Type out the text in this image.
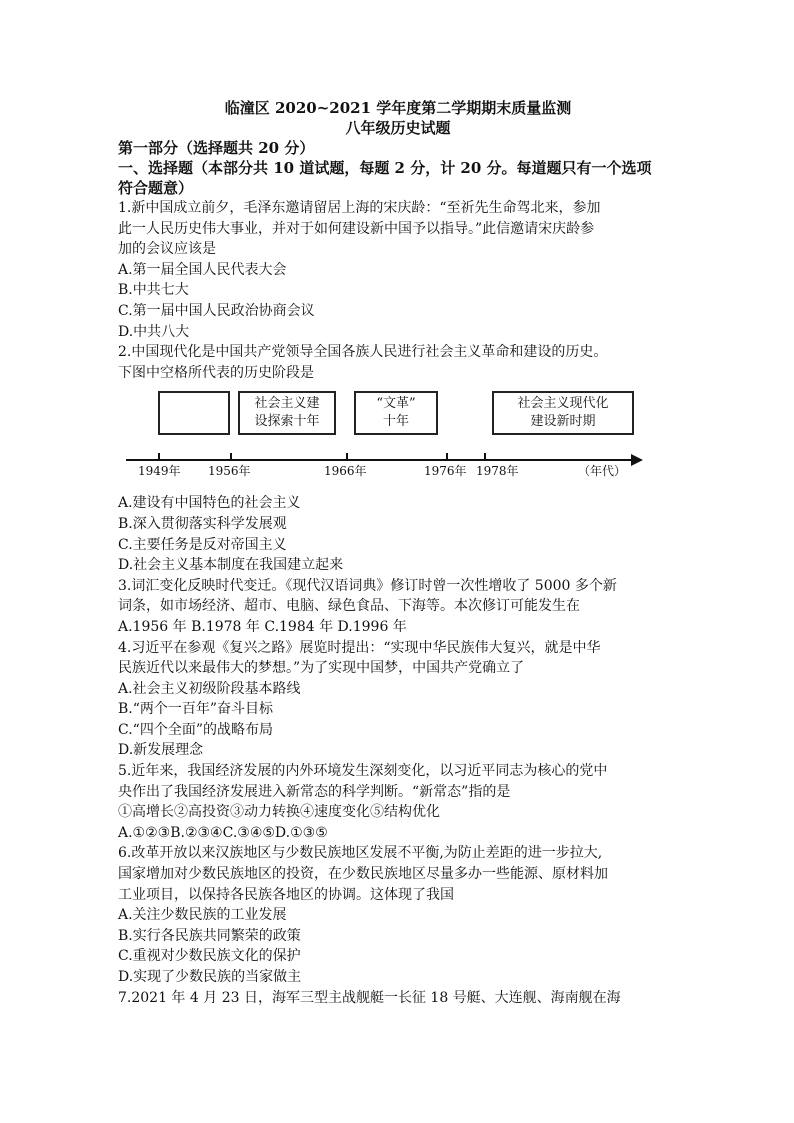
临潼区 2020~2021 学年度第二学期期末质量监测
八年级历史试题
第一部分（选择题共 20 分）
一、选择题（本部分共 10 道试题，每题 2 分，计 20 分。每道题只有一个选项
符合题意）
1.新中国成立前夕，毛泽东邀请留居上海的宋庆龄：“至祈先生命驾北来，参加
此一人民历史伟大事业，并对于如何建设新中国予以指导。”此信邀请宋庆龄参
加的会议应该是
A.第一届全国人民代表大会
B.中共七大
C.第一届中国人民政治协商会议
D.中共八大
2.中国现代化是中国共产党领导全国各族人民进行社会主义革命和建设的历史。
下图中空格所代表的历史阶段是
社会主义建
设探索十年
“文革”
十年
社会主义现代化
建设新时期
1949年 1956年	1966年	1976年 1978年	（年代）
A.建设有中国特色的社会主义
B.深入贯彻落实科学发展观
C.主要任务是反对帝国主义
D.社会主义基本制度在我国建立起来
3.词汇变化反映时代变迁。《现代汉语词典》修订时曾一次性增收了 5000 多个新
词条，如市场经济、超市、电脑、绿色食品、下海等。本次修订可能发生在
A.1956 年 B.1978 年 C.1984 年 D.1996 年
4.习近平在参观《复兴之路》展览时提出：“实现中华民族伟大复兴，就是中华
民族近代以来最伟大的梦想。”为了实现中国梦，中国共产党确立了
A.社会主义初级阶段基本路线
B.“两个一百年”奋斗目标
C.“四个全面”的战略布局
D.新发展理念
5.近年来，我国经济发展的内外环境发生深刻变化，以习近平同志为核心的党中
央作出了我国经济发展进入新常态的科学判断。“新常态”指的是
①高增长②高投资③动力转换④速度变化⑤结构优化
A.①②③B.②③④C.③④⑤D.①③⑤
6.改革开放以来汉族地区与少数民族地区发展不平衡,为防止差距的进一步拉大,
国家增加对少数民族地区的投资，在少数民族地区尽量多办一些能源、原材料加
工业项目，以保持各民族各地区的协调。这体现了我国
A.关注少数民族的工业发展
B.实行各民族共同繁荣的政策
C.重视对少数民族文化的保护
D.实现了少数民族的当家做主
7.2021 年 4 月 23 日，海军三型主战舰艇一长征 18 号艇、大连舰、海南舰在海
